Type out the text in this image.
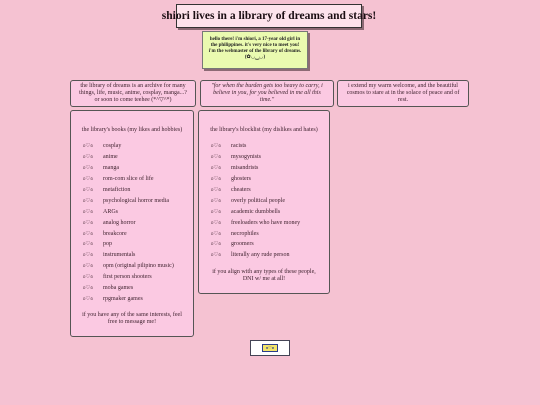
shiori lives in a library of dreams and stars!
hello there! i'm shiori, a 17-year old girl in the philippines. it's very nice to meet you! i'm the webmaster of the library of dreams. (✿◡‿◡)
the library of dreams is an archive for many things, life, music, anime, cosplay, manga...? or soon to come teehee (*^▽^*)
"for when the burden gets too heavy to carry, i believe in you, for you believed in me all this time."
i extend my warm welcome, and the beautiful cosmos to stare at in the solace of peace and of rest.
the library's books (my likes and hobbies)
ʚ♡ɞ	cosplay
ʚ♡ɞ	anime
ʚ♡ɞ	manga
ʚ♡ɞ	rom-com slice of life
ʚ♡ɞ	metafiction
ʚ♡ɞ	psychological horror media
ʚ♡ɞ	ARGs
ʚ♡ɞ	analog horror
ʚ♡ɞ	breakcore
ʚ♡ɞ	pop
ʚ♡ɞ	instrumentals
ʚ♡ɞ	opm (original pilipino music)
ʚ♡ɞ	first person shooters
ʚ♡ɞ	moba games
ʚ♡ɞ	rpgmaker games
if you have any of the same interests, feel free to message me!
the library's blocklist (my dislikes and hates)
ʚ♡ɞ	racists
ʚ♡ɞ	mysogynists
ʚ♡ɞ	misandrists
ʚ♡ɞ	ghosters
ʚ♡ɞ	cheaters
ʚ♡ɞ	overly political people
ʚ♡ɞ	academic dumbbells
ʚ♡ɞ	freeloaders who have money
ʚ♡ɞ	necrophiles
ʚ♡ɞ	groomers
ʚ♡ɞ	literally any rude person
if you align with any types of these people, DNI w/ me at all!
ʚ♡ɞ
